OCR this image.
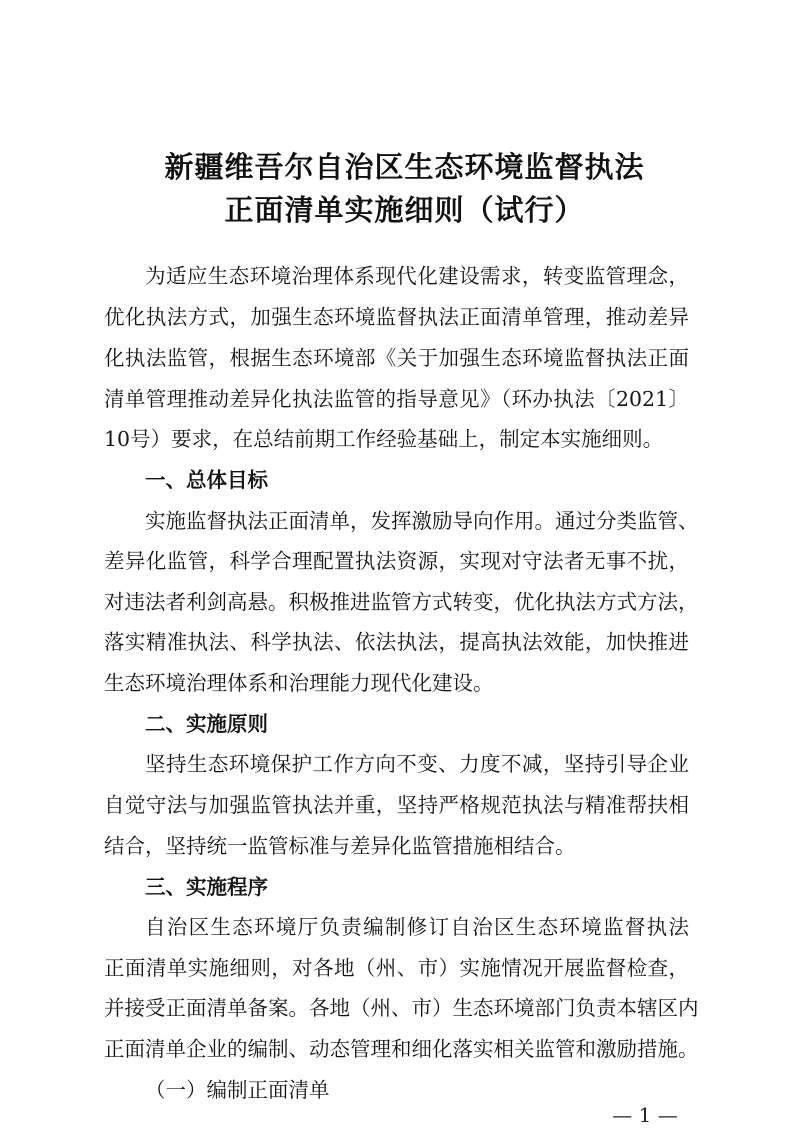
新疆维吾尔自治区生态环境监督执法
正面清单实施细则（试行）
为适应生态环境治理体系现代化建设需求，转变监管理念，
优化执法方式，加强生态环境监督执法正面清单管理，推动差异
化执法监管，根据生态环境部《关于加强生态环境监督执法正面
清单管理推动差异化执法监管的指导意见》（环办执法〔2021〕
10号）要求，在总结前期工作经验基础上，制定本实施细则。
一、总体目标
实施监督执法正面清单，发挥激励导向作用。通过分类监管、
差异化监管，科学合理配置执法资源，实现对守法者无事不扰，
对违法者利剑高悬。积极推进监管方式转变，优化执法方式方法，
落实精准执法、科学执法、依法执法，提高执法效能，加快推进
生态环境治理体系和治理能力现代化建设。
二、实施原则
坚持生态环境保护工作方向不变、力度不减，坚持引导企业
自觉守法与加强监管执法并重，坚持严格规范执法与精准帮扶相
结合，坚持统一监管标准与差异化监管措施相结合。
三、实施程序
自治区生态环境厅负责编制修订自治区生态环境监督执法
正面清单实施细则，对各地（州、市）实施情况开展监督检查，
并接受正面清单备案。各地（州、市）生态环境部门负责本辖区内
正面清单企业的编制、动态管理和细化落实相关监管和激励措施。
— 1 —
（一）编制正面清单
